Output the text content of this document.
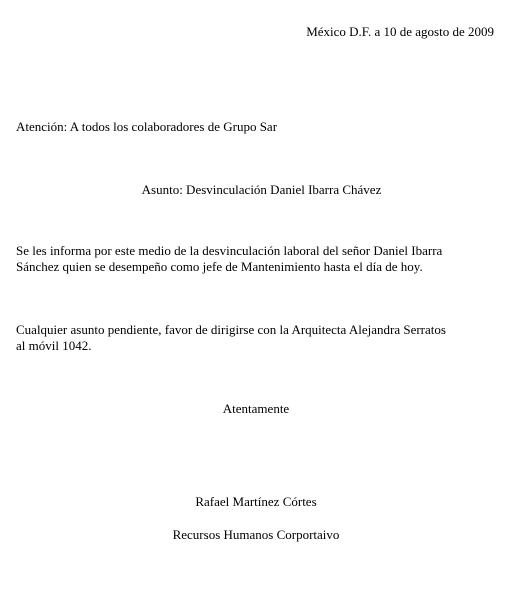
México D.F. a 10 de agosto de 2009
Atención: A todos los colaboradores de Grupo Sar
Asunto: Desvinculación Daniel Ibarra Chávez
Se les informa por este medio de la desvinculación laboral del señor Daniel Ibarra
Sánchez quien se desempeño como jefe de Mantenimiento hasta el día de hoy.
Cualquier asunto pendiente, favor de dirigirse con la Arquitecta Alejandra Serratos
al móvil 1042.
Atentamente
Rafael Martínez Córtes
Recursos Humanos Corportaivo
